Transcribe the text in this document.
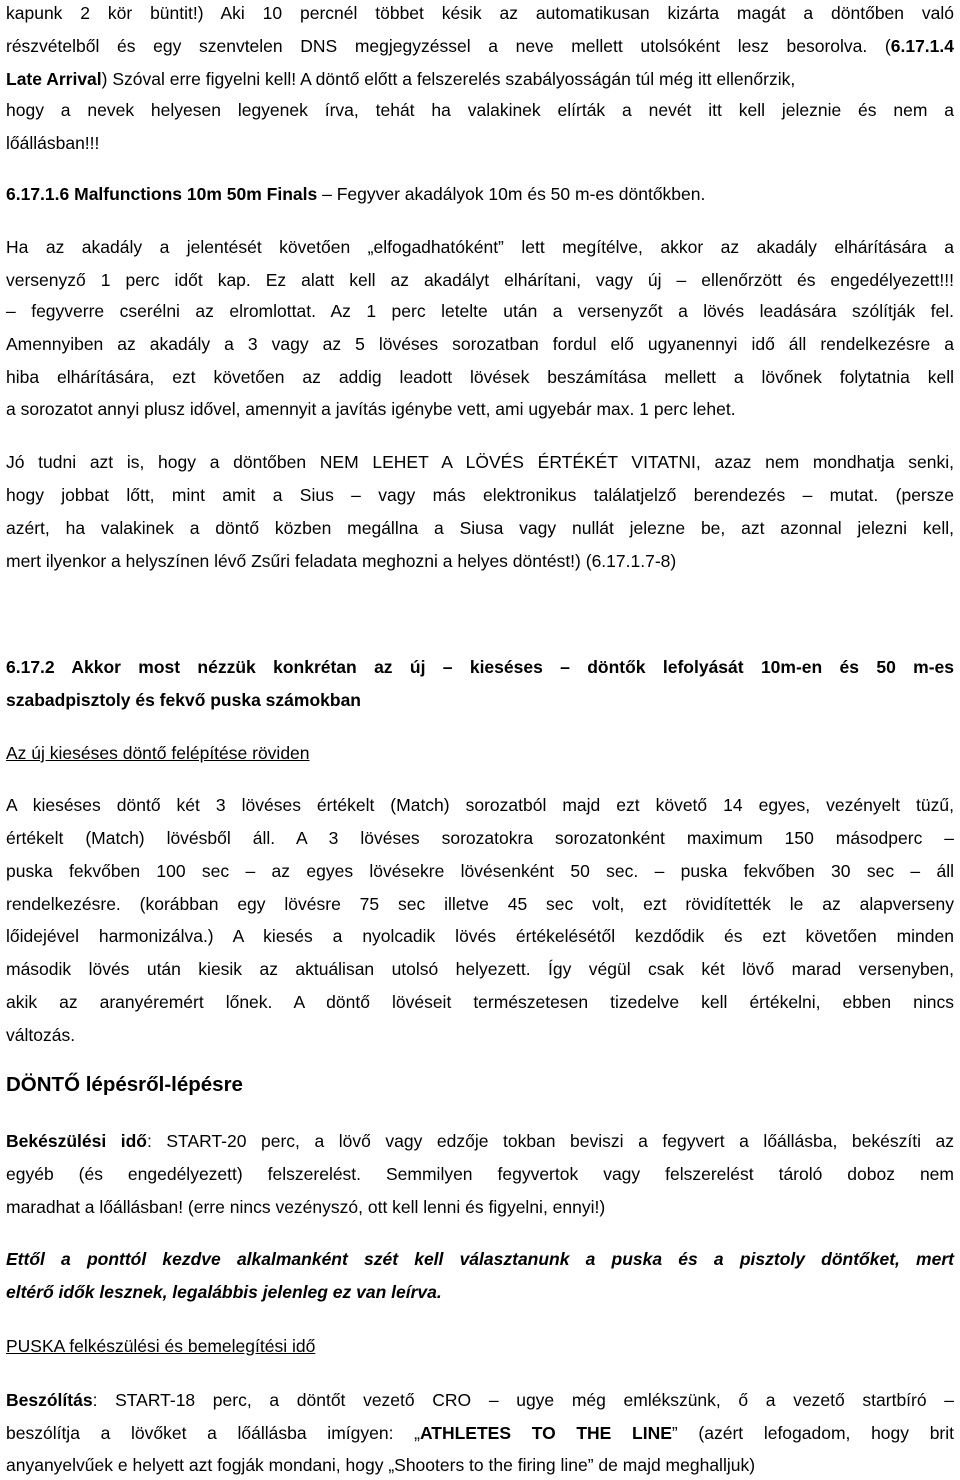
kapunk 2 kör büntit!) Aki 10 percnél többet késik az automatikusan kizárta magát a döntőben való
részvételből és egy szenvtelen DNS megjegyzéssel a neve mellett utolsóként lesz besorolva. (6.17.1.4
Late Arrival) Szóval erre figyelni kell! A döntő előtt a felszerelés szabályosságán túl még itt ellenőrzik,
hogy a nevek helyesen legyenek írva, tehát ha valakinek elírták a nevét itt kell jeleznie és nem a
lőállásban!!!
6.17.1.6 Malfunctions 10m 50m Finals – Fegyver akadályok 10m és 50 m-es döntőkben.
Ha az akadály a jelentését követően „elfogadhatóként” lett megítélve, akkor az akadály elhárítására a
versenyző 1 perc időt kap. Ez alatt kell az akadályt elhárítani, vagy új – ellenőrzött és engedélyezett!!!
– fegyverre cserélni az elromlottat. Az 1 perc letelte után a versenyzőt a lövés leadására szólítják fel.
Amennyiben az akadály a 3 vagy az 5 lövéses sorozatban fordul elő ugyanennyi idő áll rendelkezésre a
hiba elhárítására, ezt követően az addig leadott lövések beszámítása mellett a lövőnek folytatnia kell
a sorozatot annyi plusz idővel, amennyit a javítás igénybe vett, ami ugyebár max. 1 perc lehet.
Jó tudni azt is, hogy a döntőben NEM LEHET A LÖVÉS ÉRTÉKÉT VITATNI, azaz nem mondhatja senki,
hogy jobbat lőtt, mint amit a Sius – vagy más elektronikus találatjelző berendezés – mutat. (persze
azért, ha valakinek a döntő közben megállna a Siusa vagy nullát jelezne be, azt azonnal jelezni kell,
mert ilyenkor a helyszínen lévő Zsűri feladata meghozni a helyes döntést!) (6.17.1.7-8)
6.17.2 Akkor most nézzük konkrétan az új – kieséses – döntők lefolyását 10m-en és 50 m-es
szabadpisztoly és fekvő puska számokban
Az új kieséses döntő felépítése röviden
A kieséses döntő két 3 lövéses értékelt (Match) sorozatból majd ezt követő 14 egyes, vezényelt tüzű,
értékelt (Match) lövésből áll. A 3 lövéses sorozatokra sorozatonként maximum 150 másodperc –
puska fekvőben 100 sec – az egyes lövésekre lövésenként 50 sec. – puska fekvőben 30 sec – áll
rendelkezésre. (korábban egy lövésre 75 sec illetve 45 sec volt, ezt rövidítették le az alapverseny
lőidejével harmonizálva.) A kiesés a nyolcadik lövés értékelésétől kezdődik és ezt követően minden
második lövés után kiesik az aktuálisan utolsó helyezett. Így végül csak két lövő marad versenyben,
akik az aranyéremért lőnek. A döntő lövéseit természetesen tizedelve kell értékelni, ebben nincs
változás.
DÖNTŐ lépésről-lépésre
Bekészülési idő: START-20 perc, a lövő vagy edzője tokban beviszi a fegyvert a lőállásba, bekészíti az
egyéb (és engedélyezett) felszerelést. Semmilyen fegyvertok vagy felszerelést tároló doboz nem
maradhat a lőállásban! (erre nincs vezényszó, ott kell lenni és figyelni, ennyi!)
Ettől a ponttól kezdve alkalmanként szét kell választanunk a puska és a pisztoly döntőket, mert
eltérő idők lesznek, legalábbis jelenleg ez van leírva.
PUSKA felkészülési és bemelegítési idő
Beszólítás: START-18 perc, a döntőt vezető CRO – ugye még emlékszünk, ő a vezető startbíró –
beszólítja a lövőket a lőállásba imígyen: „ATHLETES TO THE LINE” (azért lefogadom, hogy brit
anyanyelvűek e helyett azt fogják mondani, hogy „Shooters to the firing line” de majd meghalljuk)
